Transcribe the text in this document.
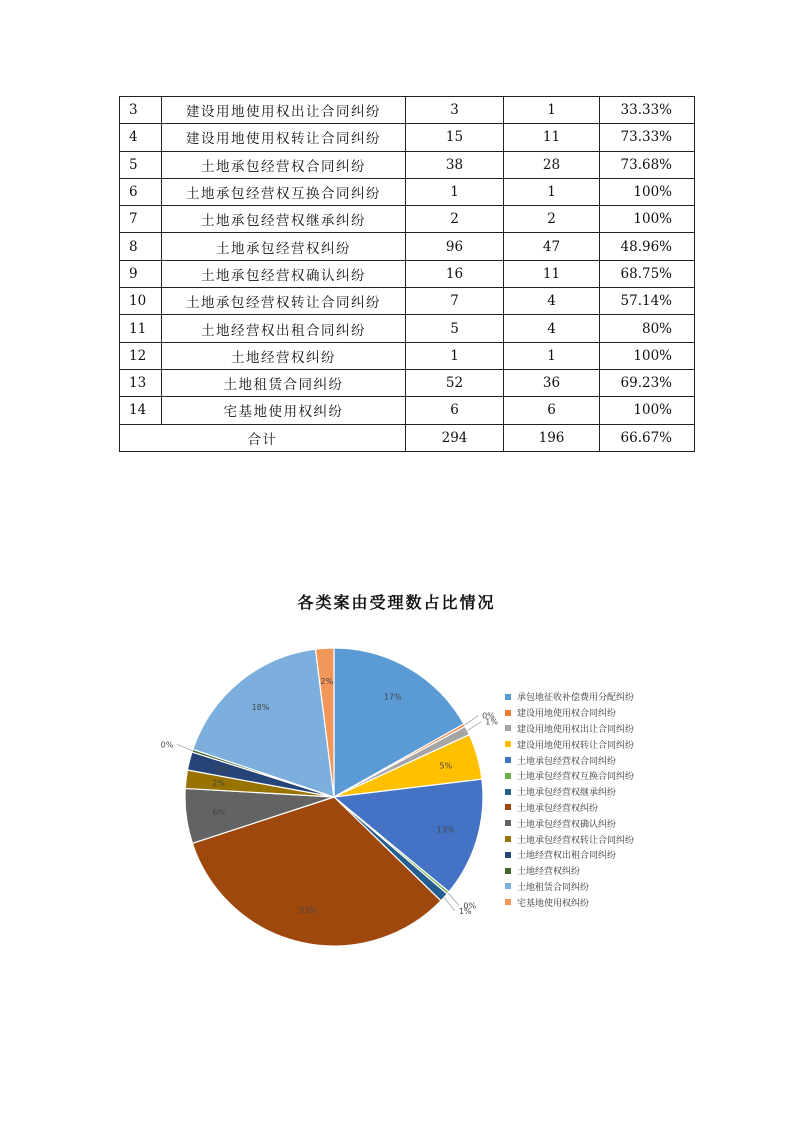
3	建设用地使用权出让合同纠纷	3	1	33.33%
4	建设用地使用权转让合同纠纷	15	11	73.33%
5	土地承包经营权合同纠纷	38	28	73.68%
6	土地承包经营权互换合同纠纷	1	1	100%
7	土地承包经营权继承纠纷	2	2	100%
8	土地承包经营权纠纷	96	47	48.96%
9	土地承包经营权确认纠纷	16	11	68.75%
10	土地承包经营权转让合同纠纷	7	4	57.14%
11	土地经营权出租合同纠纷	5	4	80%
12	土地经营权纠纷	1	1	100%
13	土地租赁合同纠纷	52	36	69.23%
14	宅基地使用权纠纷	6	6	100%
合计		294	196	66.67%
各类案由受理数占比情况
17%
0%
1%
5%
13%
0%
1%
33%
6%
2%
2%
0%
18%
2%
承包地征收补偿费用分配纠纷
建设用地使用权合同纠纷
建设用地使用权出让合同纠纷
建设用地使用权转让合同纠纷
土地承包经营权合同纠纷
土地承包经营权互换合同纠纷
土地承包经营权继承纠纷
土地承包经营权纠纷
土地承包经营权确认纠纷
土地承包经营权转让合同纠纷
土地经营权出租合同纠纷
土地经营权纠纷
土地租赁合同纠纷
宅基地使用权纠纷
